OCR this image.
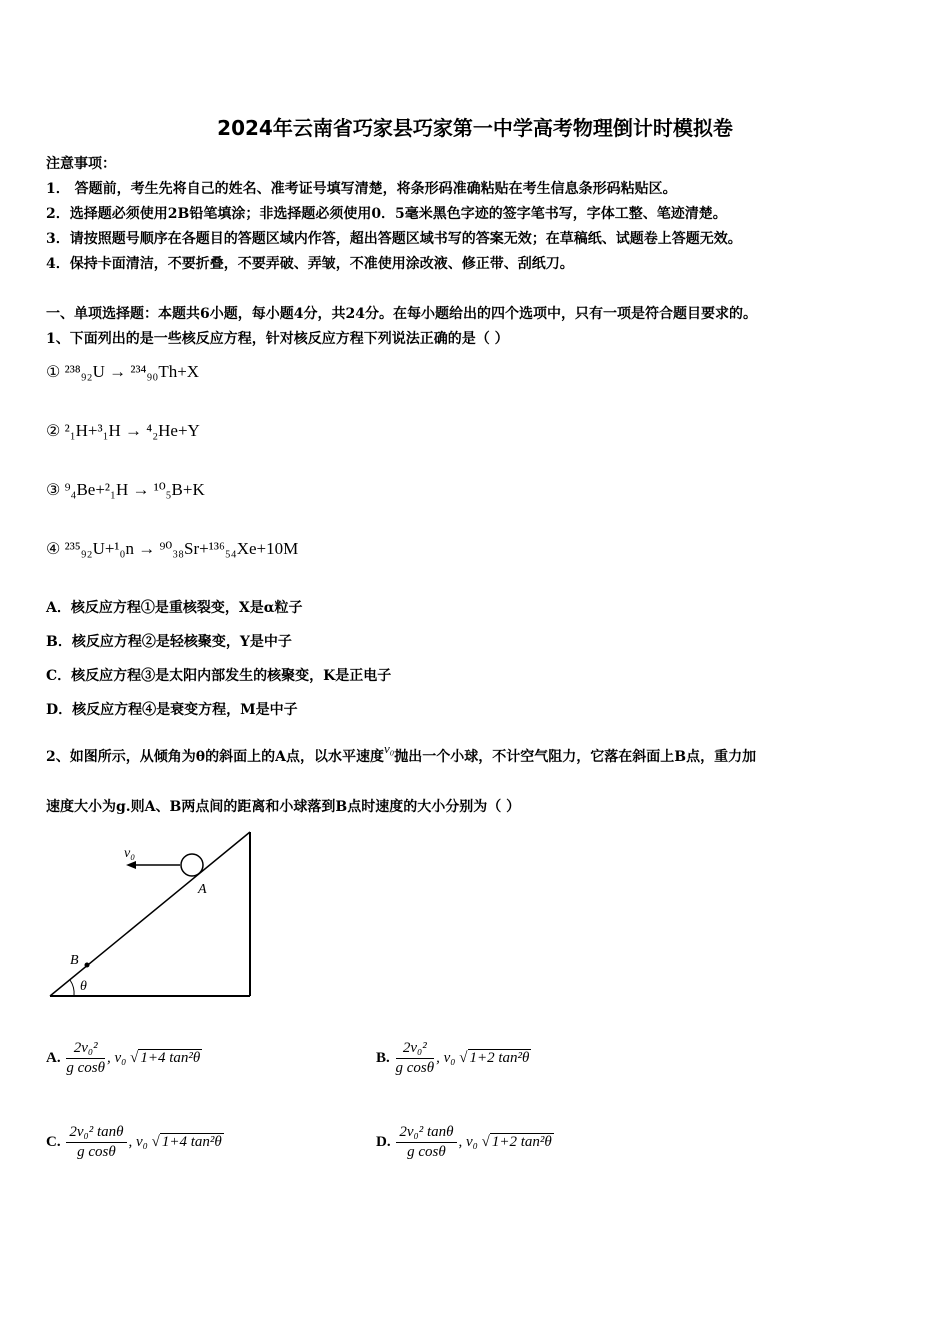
2024年云南省巧家县巧家第一中学高考物理倒计时模拟卷
注意事项：
1． 答题前，考生先将自己的姓名、准考证号填写清楚，将条形码准确粘贴在考生信息条形码粘贴区。
2．选择题必须使用2B铅笔填涂；非选择题必须使用0．5毫米黑色字迹的签字笔书写，字体工整、笔迹清楚。
3．请按照题号顺序在各题目的答题区域内作答，超出答题区域书写的答案无效；在草稿纸、试题卷上答题无效。
4．保持卡面清洁，不要折叠，不要弄破、弄皱，不准使用涂改液、修正带、刮纸刀。
一、单项选择题：本题共6小题，每小题4分，共24分。在每小题给出的四个选项中，只有一项是符合题目要求的。
1、下面列出的是一些核反应方程，针对核反应方程下列说法正确的是（ ）
① ²³⁸₉₂U → ²³⁴₉₀Th+X
② ²₁H+³₁H → ⁴₂He+Y
③ ⁹₄Be+²₁H → ¹⁰₅B+K
④ ²³⁵₉₂U+¹₀n → ⁹⁰₃₈Sr+¹³⁶₅₄Xe+10M
A．核反应方程①是重核裂变，X是α粒子
B．核反应方程②是轻核聚变，Y是中子
C．核反应方程③是太阳内部发生的核聚变，K是正电子
D．核反应方程④是衰变方程，M是中子
2、如图所示，从倾角为θ的斜面上的A点，以水平速度v₀抛出一个小球，不计空气阻力，它落在斜面上B点，重力加
速度大小为g.则A、B两点间的距离和小球落到B点时速度的大小分别为（ ）
v₀
A
B
θ
A. $\frac{\text{2v₀²}}{\text{g cosθ}}$ , v₀ √ 1+4 tan²θ	B. $\frac{\text{2v₀²}}{\text{g cosθ}}$ , v₀ √ 1+2 tan²θ
C. $\frac{\text{2v₀² tanθ}}{\text{g cosθ}}$ , v₀ √ 1+4 tan²θ	D. $\frac{\text{2v₀² tanθ}}{\text{g cosθ}}$ , v₀ √ 1+2 tan²θ
